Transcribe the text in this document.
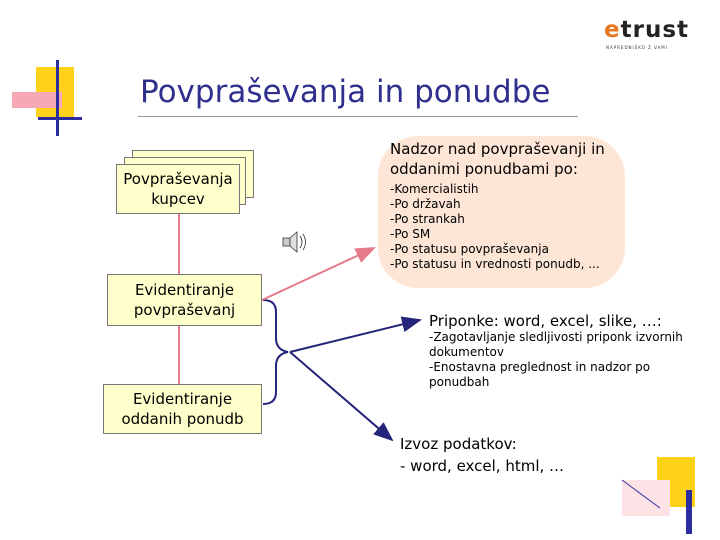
Povpraševanja in ponudbe
etrust
NAPREDNIŠKO Z VAMI
Povpraševanja kupcev
Evidentiranje povpraševanj
Evidentiranje oddanih ponudb
Nadzor nad povpraševanji in oddanimi ponudbami po:
-Komercialistih
-Po državah
-Po strankah
-Po SM
-Po statusu povpraševanja
-Po statusu in vrednosti ponudb, ...
Priponke: word, excel, slike, …:
-Zagotavljanje sledljivosti priponk izvornih dokumentov
-Enostavna preglednost in nadzor po ponudbah
Izvoz podatkov:
- word, excel, html, …
